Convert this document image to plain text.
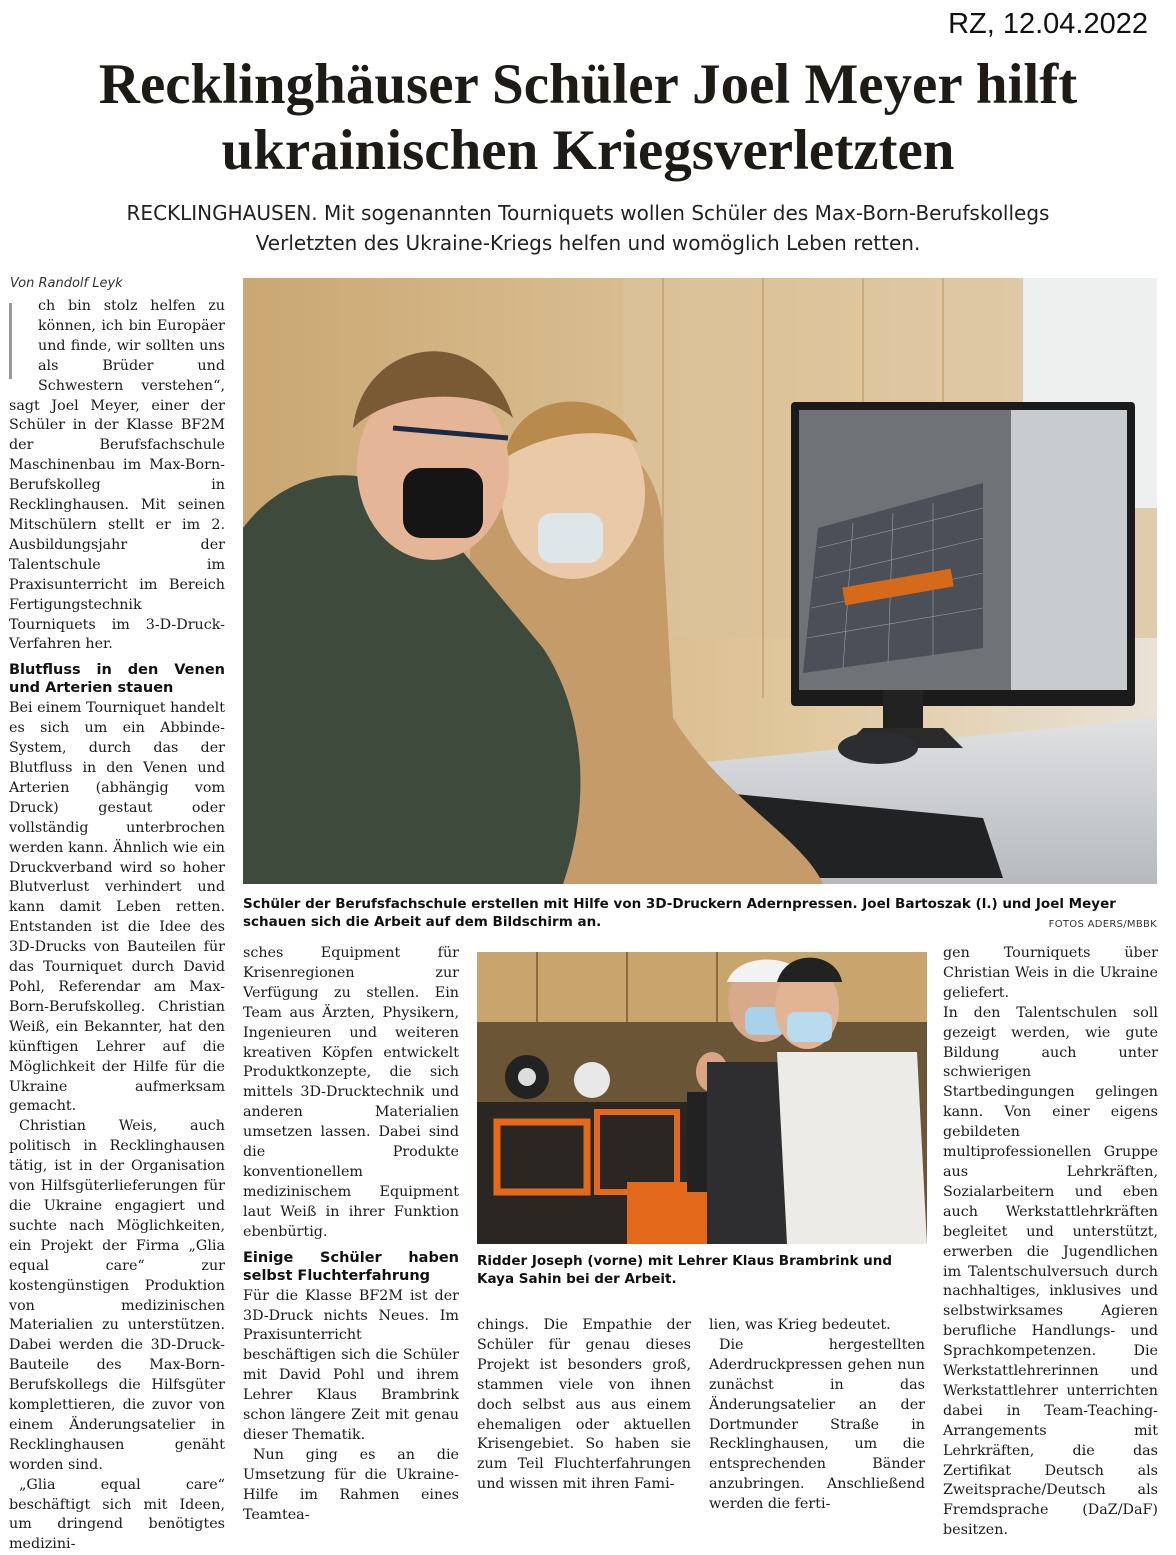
RZ, 12.04.2022
Recklinghäuser Schüler Joel Meyer hilft
ukrainischen Kriegsverletzten
RECKLINGHAUSEN. Mit sogenannten Tourniquets wollen Schüler des Max-Born-Berufskollegs
Verletzten des Ukraine-Kriegs helfen und womöglich Leben retten.
Von Randolf Leyk

ch bin stolz helfen zu können, ich bin Europäer und finde, wir sollten uns als Brüder und Schwestern verstehen“, sagt Joel Meyer, einer der Schüler in der Klasse BF2M der Berufsfachschule Maschinenbau im Max-Born-Berufskolleg in Recklinghausen. Mit seinen Mitschülern stellt er im 2. Ausbildungsjahr der Talentschule im Praxisunterricht im Bereich Fertigungstechnik Tourniquets im 3-D-Druck-Verfahren her.

Blutfluss in den Venen und Arterien stauen

Bei einem Tourniquet handelt es sich um ein Abbinde-System, durch das der Blutfluss in den Venen und Arterien (abhängig vom Druck) gestaut oder vollständig unterbrochen werden kann. Ähnlich wie ein Druckverband wird so hoher Blutverlust verhindert und kann damit Leben retten. Entstanden ist die Idee des 3D-Drucks von Bauteilen für das Tourniquet durch David Pohl, Referendar am Max-Born-Berufskolleg. Christian Weiß, ein Bekannter, hat den künftigen Lehrer auf die Möglichkeit der Hilfe für die Ukraine aufmerksam gemacht.

Christian Weis, auch politisch in Recklinghausen tätig, ist in der Organisation von Hilfsgüterlieferungen für die Ukraine engagiert und suchte nach Möglichkeiten, ein Projekt der Firma „Glia equal care“ zur kostengünstigen Produktion von medizinischen Materialien zu unterstützen. Dabei werden die 3D-Druck-Bauteile des Max-Born-Berufskollegs die Hilfsgüter komplettieren, die zuvor von einem Änderungsatelier in Recklinghausen genäht worden sind.

„Glia equal care“ beschäftigt sich mit Ideen, um dringend benötigtes medizini-

Schüler der Berufsfachschule erstellen mit Hilfe von 3D-Druckern Adernpressen. Joel Bartoszak (l.) und Joel Meyer schauen sich die Arbeit auf dem Bildschirm an.	FOTOS ADERS/MBBK

sches Equipment für Krisenregionen zur Verfügung zu stellen. Ein Team aus Ärzten, Physikern, Ingenieuren und weiteren kreativen Köpfen entwickelt Produktkonzepte, die sich mittels 3D-Drucktechnik und anderen Materialien umsetzen lassen. Dabei sind die Produkte konventionellem medizinischem Equipment laut Weiß in ihrer Funktion ebenbürtig.

Einige Schüler haben selbst Fluchterfahrung

Für die Klasse BF2M ist der 3D-Druck nichts Neues. Im Praxisunterricht beschäftigen sich die Schüler mit David Pohl und ihrem Lehrer Klaus Brambrink schon längere Zeit mit genau dieser Thematik.

Nun ging es an die Umsetzung für die Ukraine-Hilfe im Rahmen eines Teamtea-

Ridder Joseph (vorne) mit Lehrer Klaus Brambrink und Kaya Sahin bei der Arbeit.

chings. Die Empathie der Schüler für genau dieses Projekt ist besonders groß, stammen viele von ihnen doch selbst aus aus einem ehemaligen oder aktuellen Krisengebiet. So haben sie zum Teil Fluchterfahrungen und wissen mit ihren Fami-

lien, was Krieg bedeutet.

Die hergestellten Aderdruckpressen gehen nun zunächst in das Änderungsatelier an der Dortmunder Straße in Recklinghausen, um die entsprechenden Bänder anzubringen. Anschließend werden die ferti-

gen Tourniquets über Christian Weis in die Ukraine geliefert.

In den Talentschulen soll gezeigt werden, wie gute Bildung auch unter schwierigen Startbedingungen gelingen kann. Von einer eigens gebildeten multiprofessionellen Gruppe aus Lehrkräften, Sozialarbeitern und eben auch Werkstattlehrkräften begleitet und unterstützt, erwerben die Jugendlichen im Talentschulversuch durch nachhaltiges, inklusives und selbstwirksames Agieren berufliche Handlungs- und Sprachkompetenzen. Die Werkstattlehrerinnen und Werkstattlehrer unterrichten dabei in Team-Teaching-Arrangements mit Lehrkräften, die das Zertifikat Deutsch als Zweitsprache/Deutsch als Fremdsprache (DaZ/DaF) besitzen.
